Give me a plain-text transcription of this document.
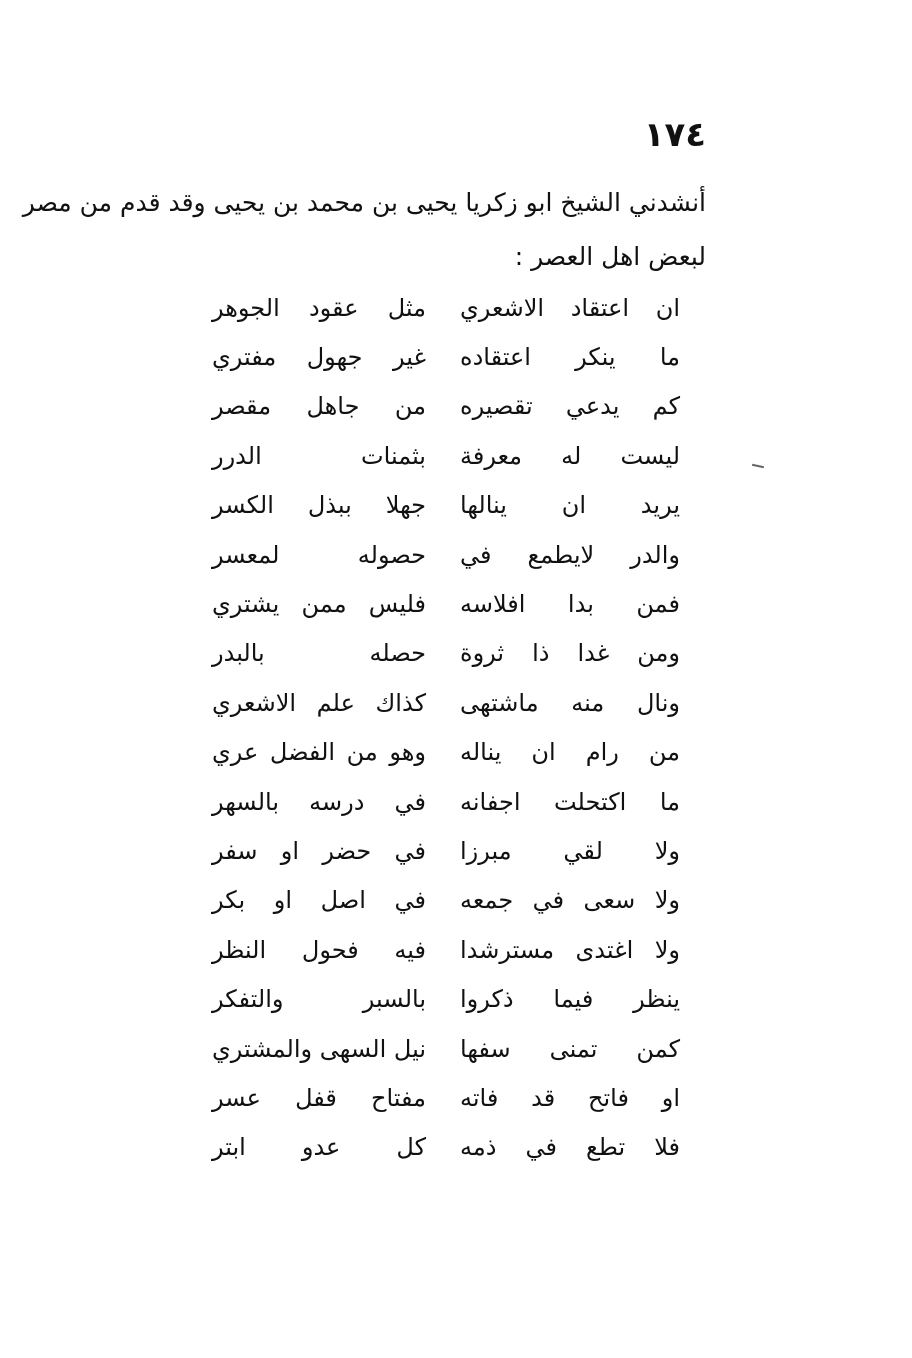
١٧٤
أنشدني الشيخ ابو زكريا يحيى بن محمد بن يحيى وقد قدم من مصر
لبعض اهل العصر :
ان اعتقاد الاشعري
مثل عقود الجوهر
ما ينكر اعتقاده
غير جهول مفتري
كم يدعي تقصيره
من جاهل مقصر
ليست له معرفة
بثمنات الدرر
يريد ان ينالها
جهلا ببذل الكسر
والدر لايطمع في
حصوله لمعسر
فمن بدا افلاسه
فليس ممن يشتري
ومن غدا ذا ثروة
حصله بالبدر
ونال منه ماشتهى
كذاك علم الاشعري
من رام ان يناله
وهو من الفضل عري
ما اكتحلت اجفانه
في درسه بالسهر
ولا لقي مبرزا
في حضر او سفر
ولا سعى في جمعه
في اصل او بكر
ولا اغتدى مسترشدا
فيه فحول النظر
ينظر فيما ذكروا
بالسبر والتفكر
كمن تمنى سفها
نيل السهى والمشتري
او فاتح قد فاته
مفتاح قفل عسر
فلا تطع في ذمه
كل عدو ابتر
